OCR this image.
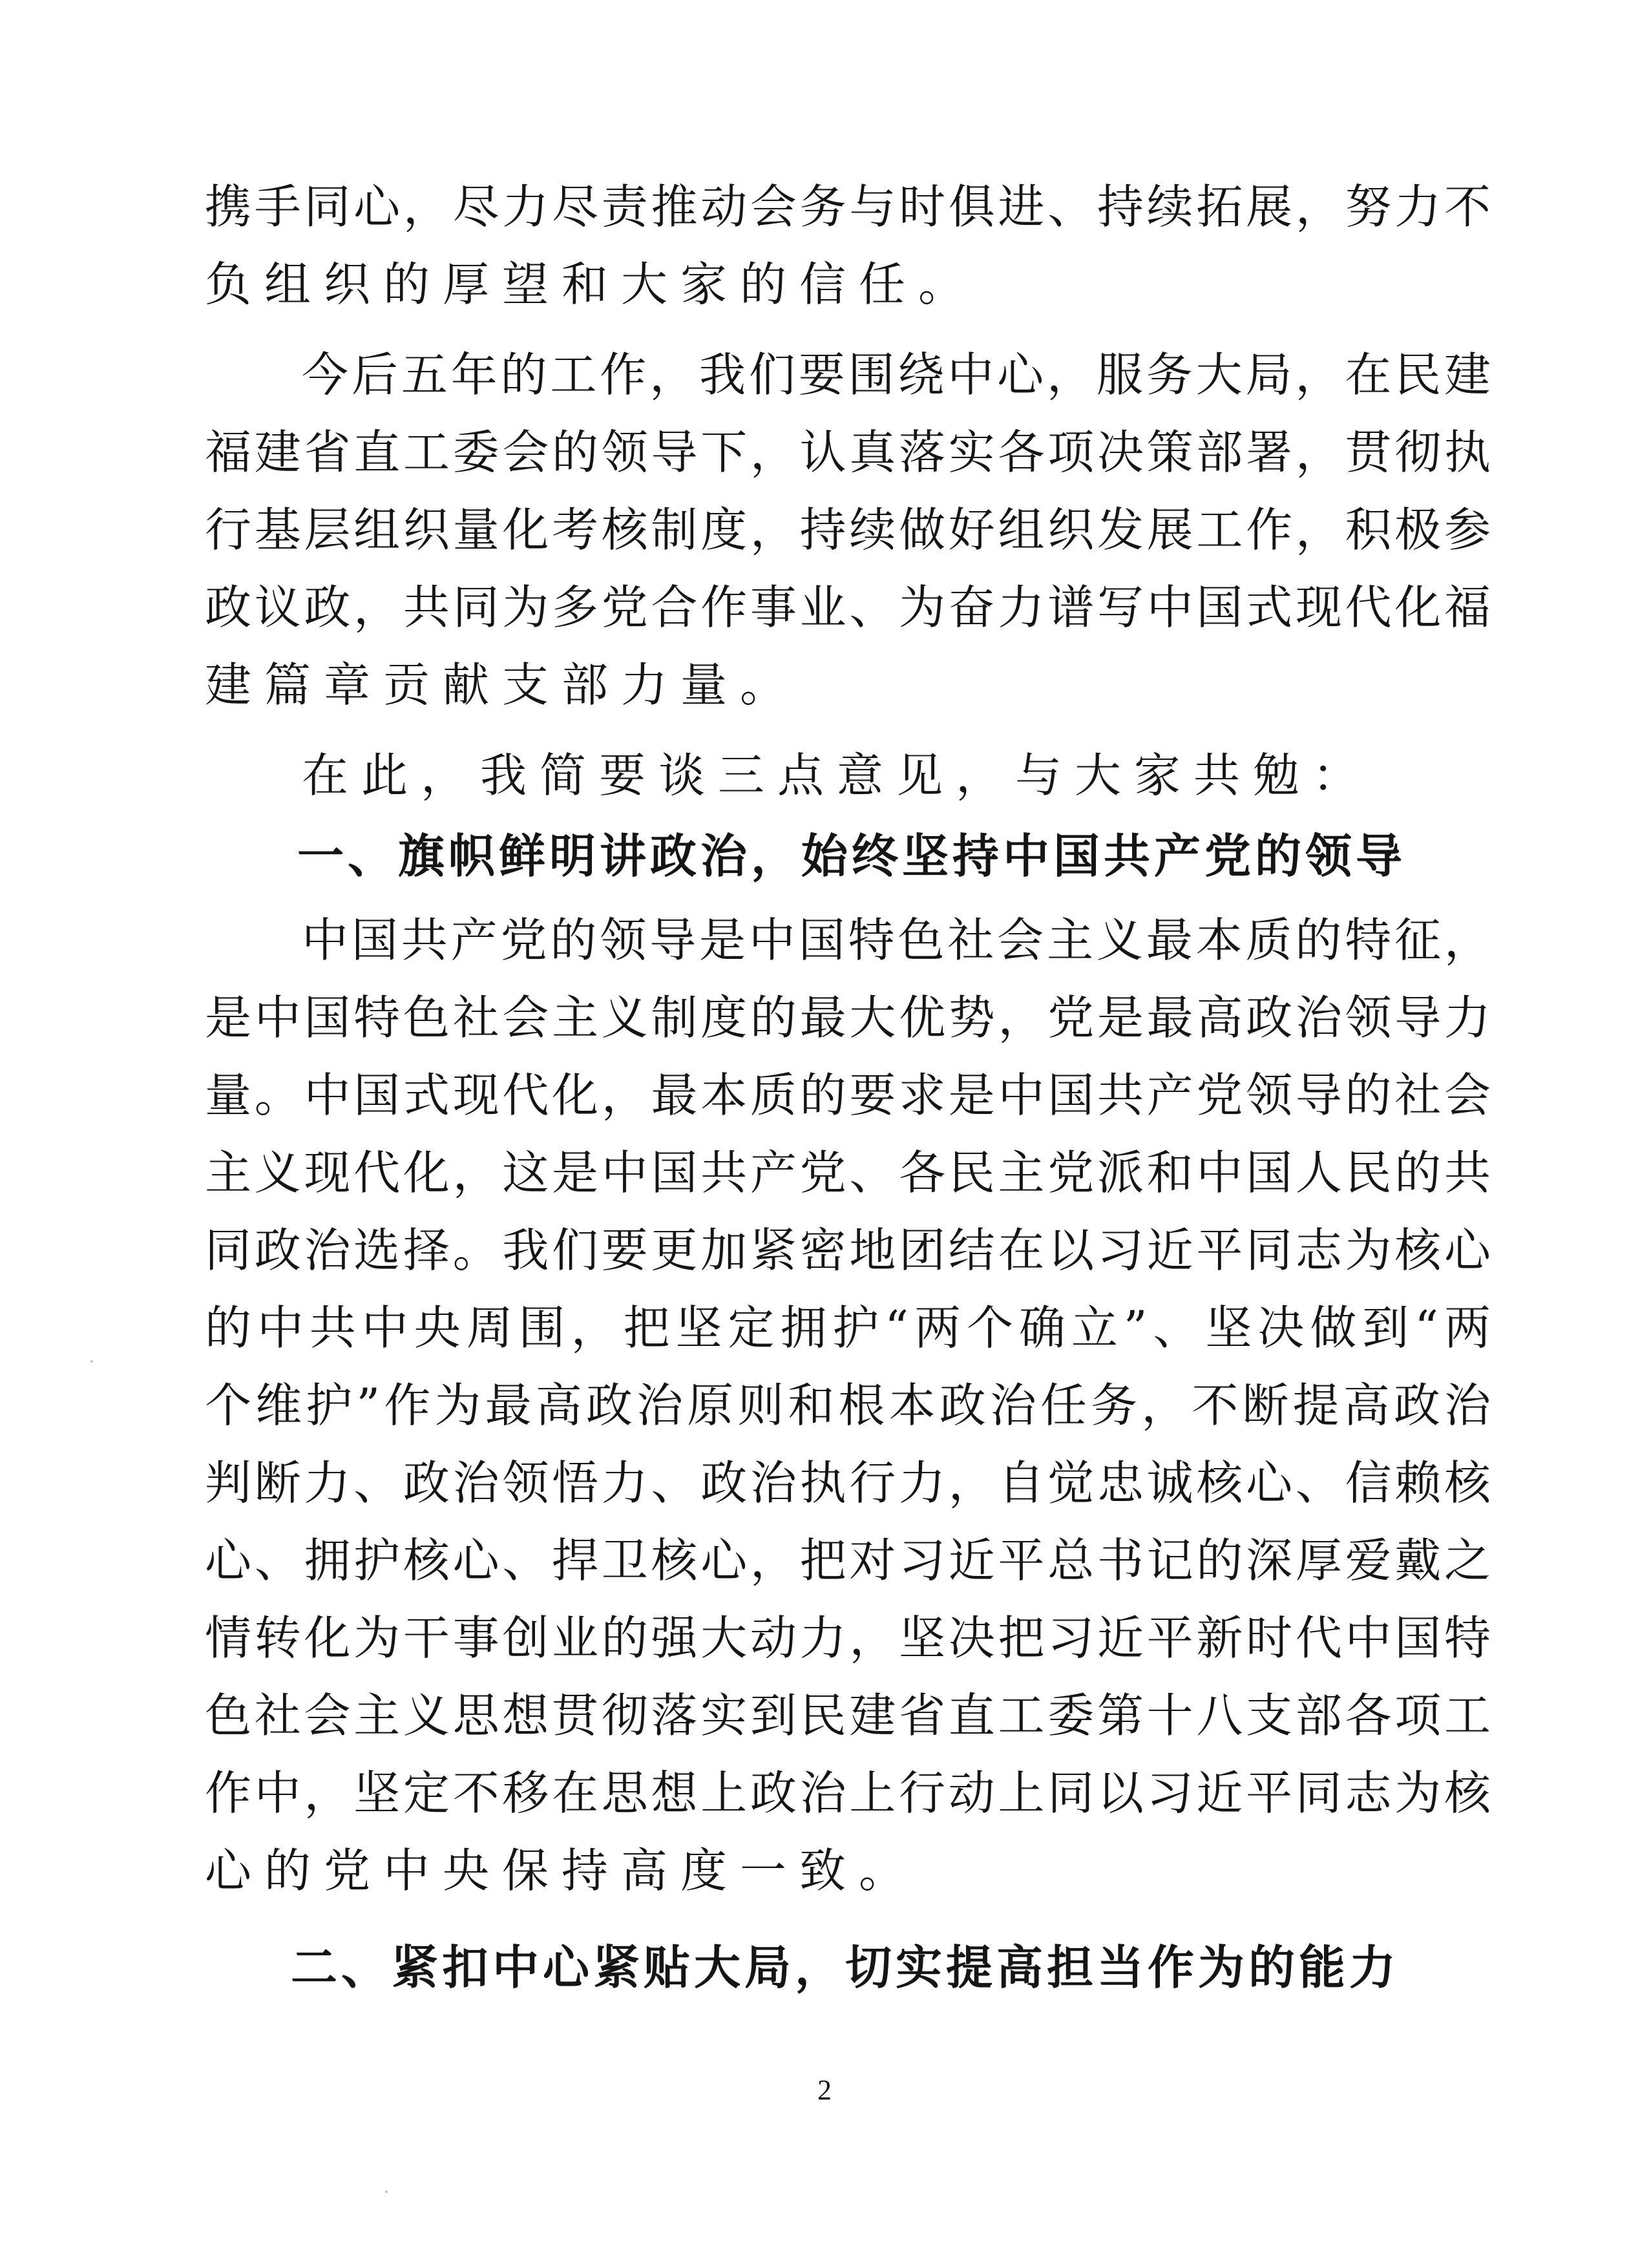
携手同心，尽力尽责推动会务与时俱进、持续拓展，努力不
负组织的厚望和大家的信任。
今后五年的工作，我们要围绕中心，服务大局，在民建
福建省直工委会的领导下，认真落实各项决策部署，贯彻执
行基层组织量化考核制度，持续做好组织发展工作，积极参
政议政，共同为多党合作事业、为奋力谱写中国式现代化福
建篇章贡献支部力量。
在此，我简要谈三点意见，与大家共勉：
一、旗帜鲜明讲政治，始终坚持中国共产党的领导
中国共产党的领导是中国特色社会主义最本质的特征，
是中国特色社会主义制度的最大优势，党是最高政治领导力
量。中国式现代化，最本质的要求是中国共产党领导的社会
主义现代化，这是中国共产党、各民主党派和中国人民的共
同政治选择。我们要更加紧密地团结在以习近平同志为核心
的中共中央周围，把坚定拥护“两个确立”、坚决做到“两
个维护”作为最高政治原则和根本政治任务，不断提高政治
判断力、政治领悟力、政治执行力，自觉忠诚核心、信赖核
心、拥护核心、捍卫核心，把对习近平总书记的深厚爱戴之
情转化为干事创业的强大动力，坚决把习近平新时代中国特
色社会主义思想贯彻落实到民建省直工委第十八支部各项工
作中，坚定不移在思想上政治上行动上同以习近平同志为核
心的党中央保持高度一致。
二、紧扣中心紧贴大局，切实提高担当作为的能力
2
